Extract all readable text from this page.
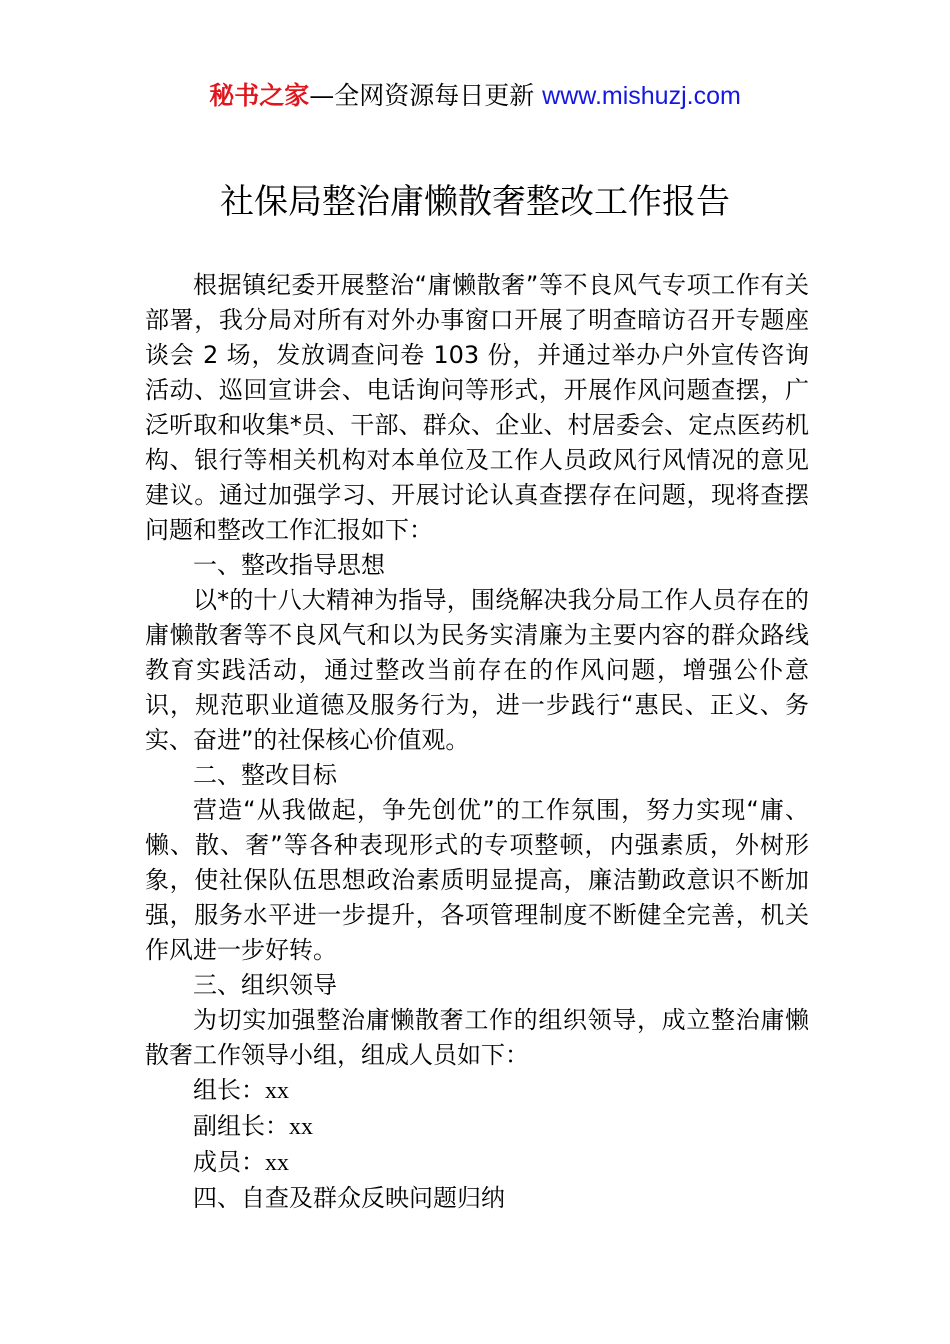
秘书之家—全网资源每日更新 www.mishuzj.com
社保局整治庸懒散奢整改工作报告

根据镇纪委开展整治“庸懒散奢”等不良风气专项工作有关部署，我分局对所有对外办事窗口开展了明查暗访召开专题座谈会 2 场，发放调查问卷 103 份，并通过举办户外宣传咨询活动、巡回宣讲会、电话询问等形式，开展作风问题查摆，广泛听取和收集*员、干部、群众、企业、村居委会、定点医药机构、银行等相关机构对本单位及工作人员政风行风情况的意见建议。通过加强学习、开展讨论认真查摆存在问题，现将查摆问题和整改工作汇报如下：

一、整改指导思想

以*的十八大精神为指导，围绕解决我分局工作人员存在的庸懒散奢等不良风气和以为民务实清廉为主要内容的群众路线教育实践活动，通过整改当前存在的作风问题，增强公仆意识，规范职业道德及服务行为，进一步践行“惠民、正义、务实、奋进”的社保核心价值观。

二、整改目标

营造“从我做起，争先创优”的工作氛围，努力实现“庸、懒、散、奢”等各种表现形式的专项整顿，内强素质，外树形象，使社保队伍思想政治素质明显提高，廉洁勤政意识不断加强，服务水平进一步提升，各项管理制度不断健全完善，机关作风进一步好转。

三、组织领导

为切实加强整治庸懒散奢工作的组织领导，成立整治庸懒散奢工作领导小组，组成人员如下：

组长：xx

副组长：xx

成员：xx

四、自查及群众反映问题归纳
